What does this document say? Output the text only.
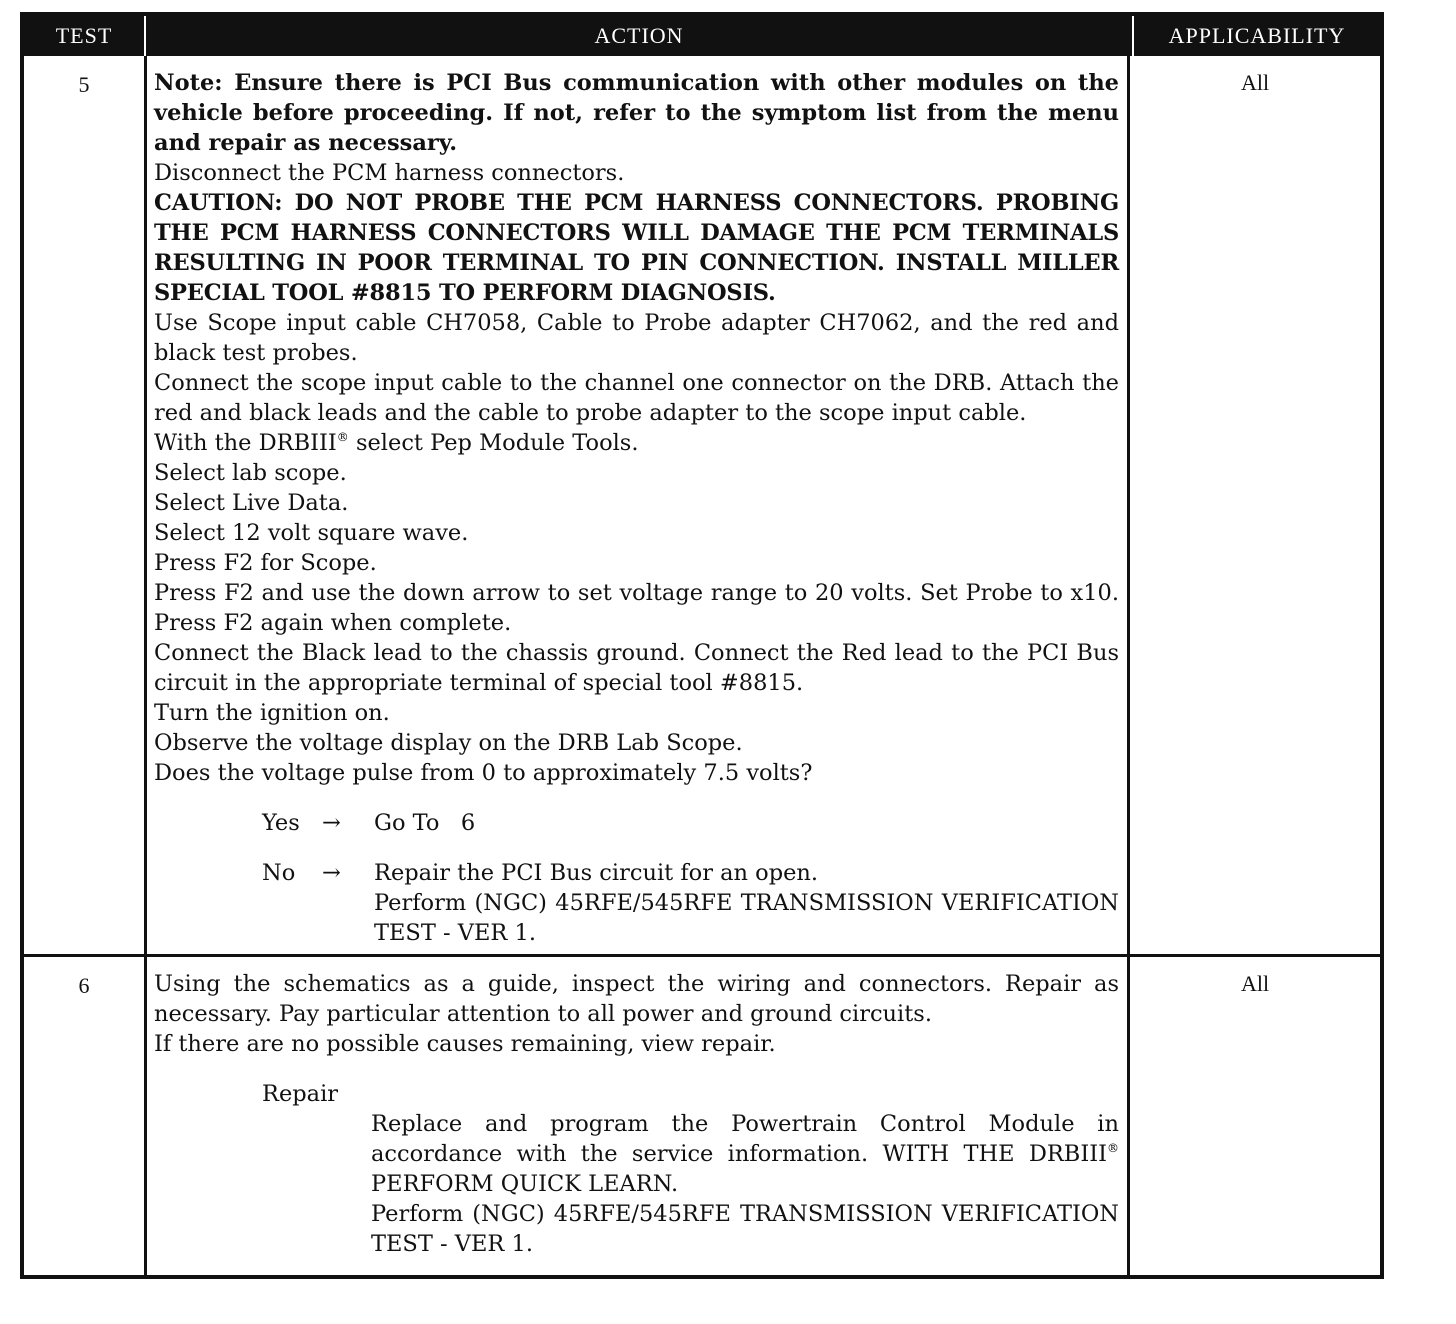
TEST	ACTION	APPLICABILITY
5	Note: Ensure there is PCI Bus communication with other modules on the vehicle before proceeding. If not, refer to the symptom list from the menu and repair as necessary.

Disconnect the PCM harness connectors.

CAUTION: DO NOT PROBE THE PCM HARNESS CONNECTORS. PROBING THE PCM HARNESS CONNECTORS WILL DAMAGE THE PCM TERMINALS RESULTING IN POOR TERMINAL TO PIN CONNECTION. INSTALL MILLER SPECIAL TOOL #8815 TO PERFORM DIAGNOSIS.

Use Scope input cable CH7058, Cable to Probe adapter CH7062, and the red and black test probes.

Connect the scope input cable to the channel one connector on the DRB. Attach the red and black leads and the cable to probe adapter to the scope input cable.

With the DRBIII® select Pep Module Tools.

Select lab scope.

Select Live Data.

Select 12 volt square wave.

Press F2 for Scope.

Press F2 and use the down arrow to set voltage range to 20 volts. Set Probe to x10. Press F2 again when complete.

Connect the Black lead to the chassis ground. Connect the Red lead to the PCI Bus circuit in the appropriate terminal of special tool #8815.

Turn the ignition on.

Observe the voltage display on the DRB Lab Scope.

Does the voltage pulse from 0 to approximately 7.5 volts?

Yes →	Go To   6
No	→	Repair the PCI Bus circuit for an open.

Perform (NGC) 45RFE/545RFE TRANSMISSION VERIFICATION TEST - VER 1.

All
6	Using the schematics as a guide, inspect the wiring and connectors. Repair as necessary. Pay particular attention to all power and ground circuits.

If there are no possible causes remaining, view repair.

Repair

Replace and program the Powertrain Control Module in accordance with the service information. WITH THE DRBIII® PERFORM QUICK LEARN.

Perform (NGC) 45RFE/545RFE TRANSMISSION VERIFICATION TEST - VER 1.

All
